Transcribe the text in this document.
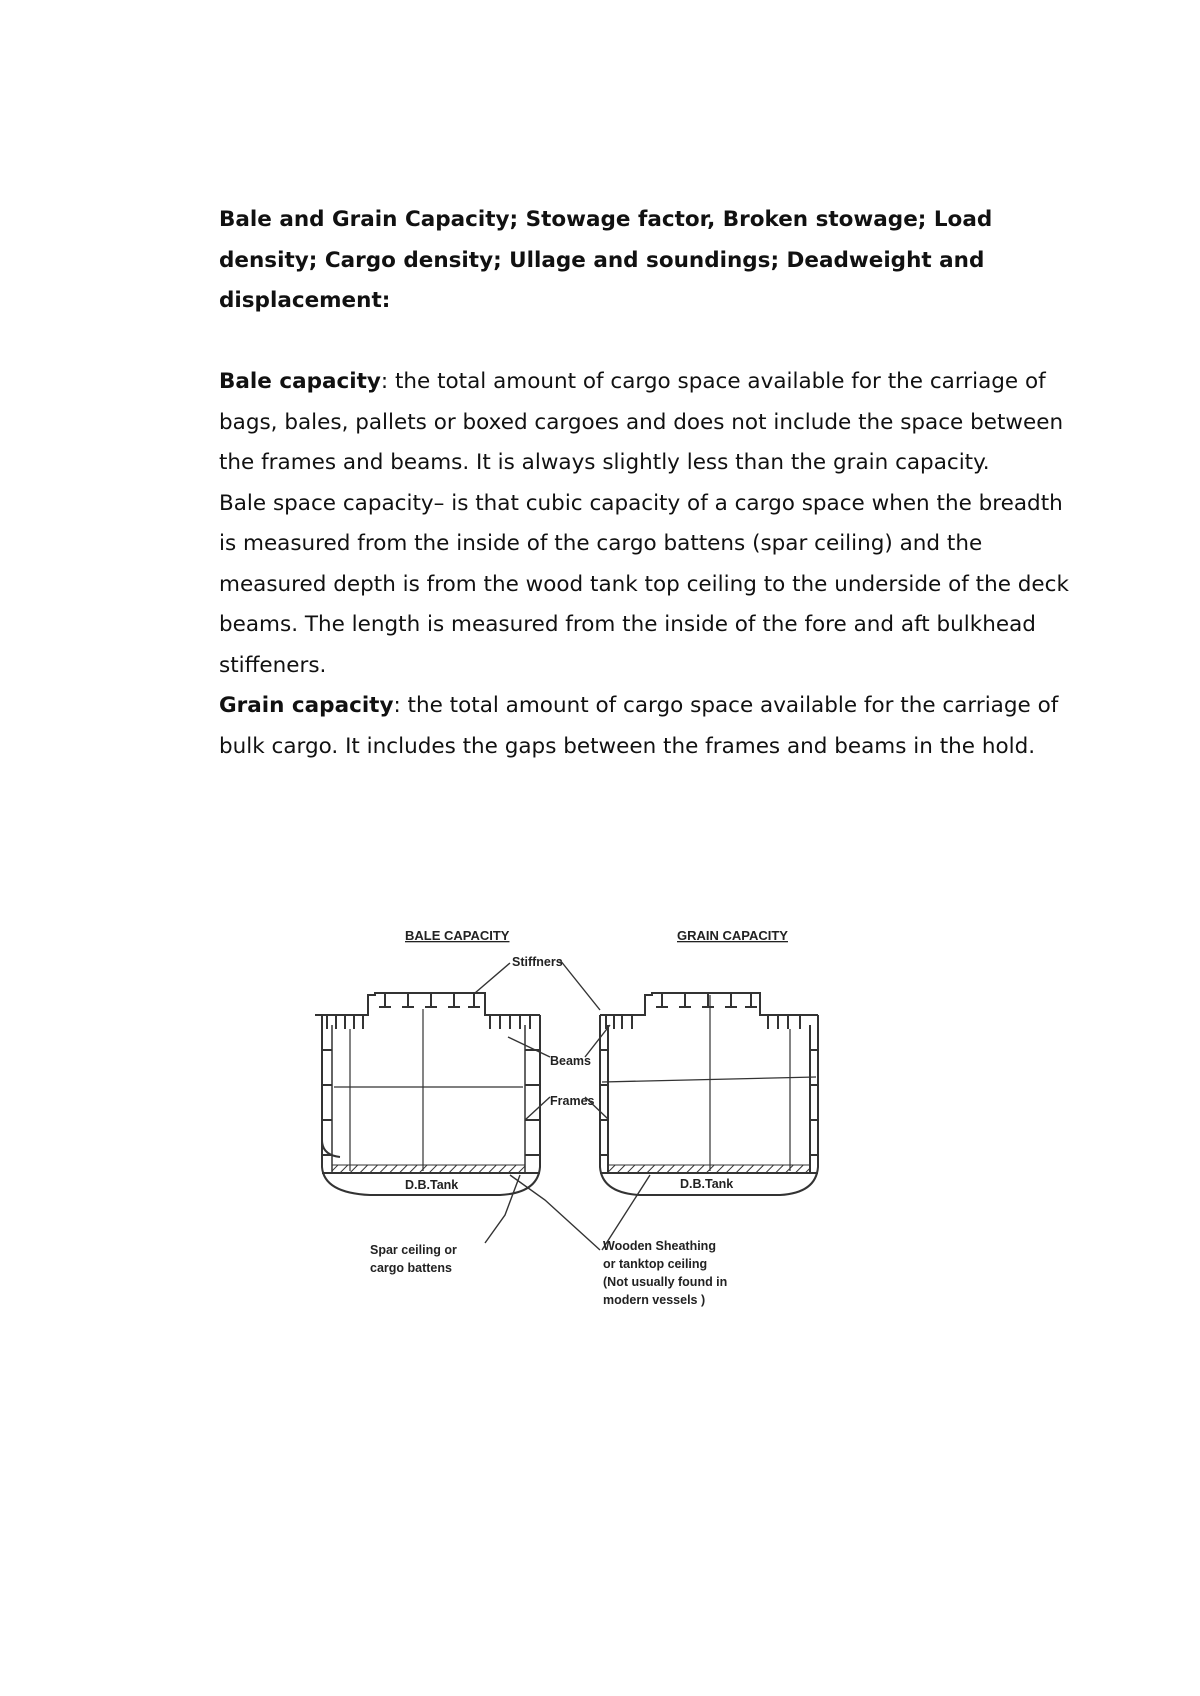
Bale and Grain Capacity; Stowage factor, Broken stowage; Load density; Cargo density; Ullage and soundings; Deadweight and displacement:

Bale capacity: the total amount of cargo space available for the carriage of bags, bales, pallets or boxed cargoes and does not include the space between the frames and beams. It is always slightly less than the grain capacity.

Bale space capacity– is that cubic capacity of a cargo space when the breadth is measured from the inside of the cargo battens (spar ceiling) and the measured depth is from the wood tank top ceiling to the underside of the deck beams. The length is measured from the inside of the fore and aft bulkhead stiffeners.

Grain capacity: the total amount of cargo space available for the carriage of bulk cargo. It includes the gaps between the frames and beams in the hold.

BALE CAPACITY	GRAIN CAPACITY
D.B.Tank	D.B.Tank
Stiffners
Beams
Frames
Spar ceiling or
cargo battens
Wooden Sheathing
or tanktop ceiling
(Not usually found in
modern vessels )
